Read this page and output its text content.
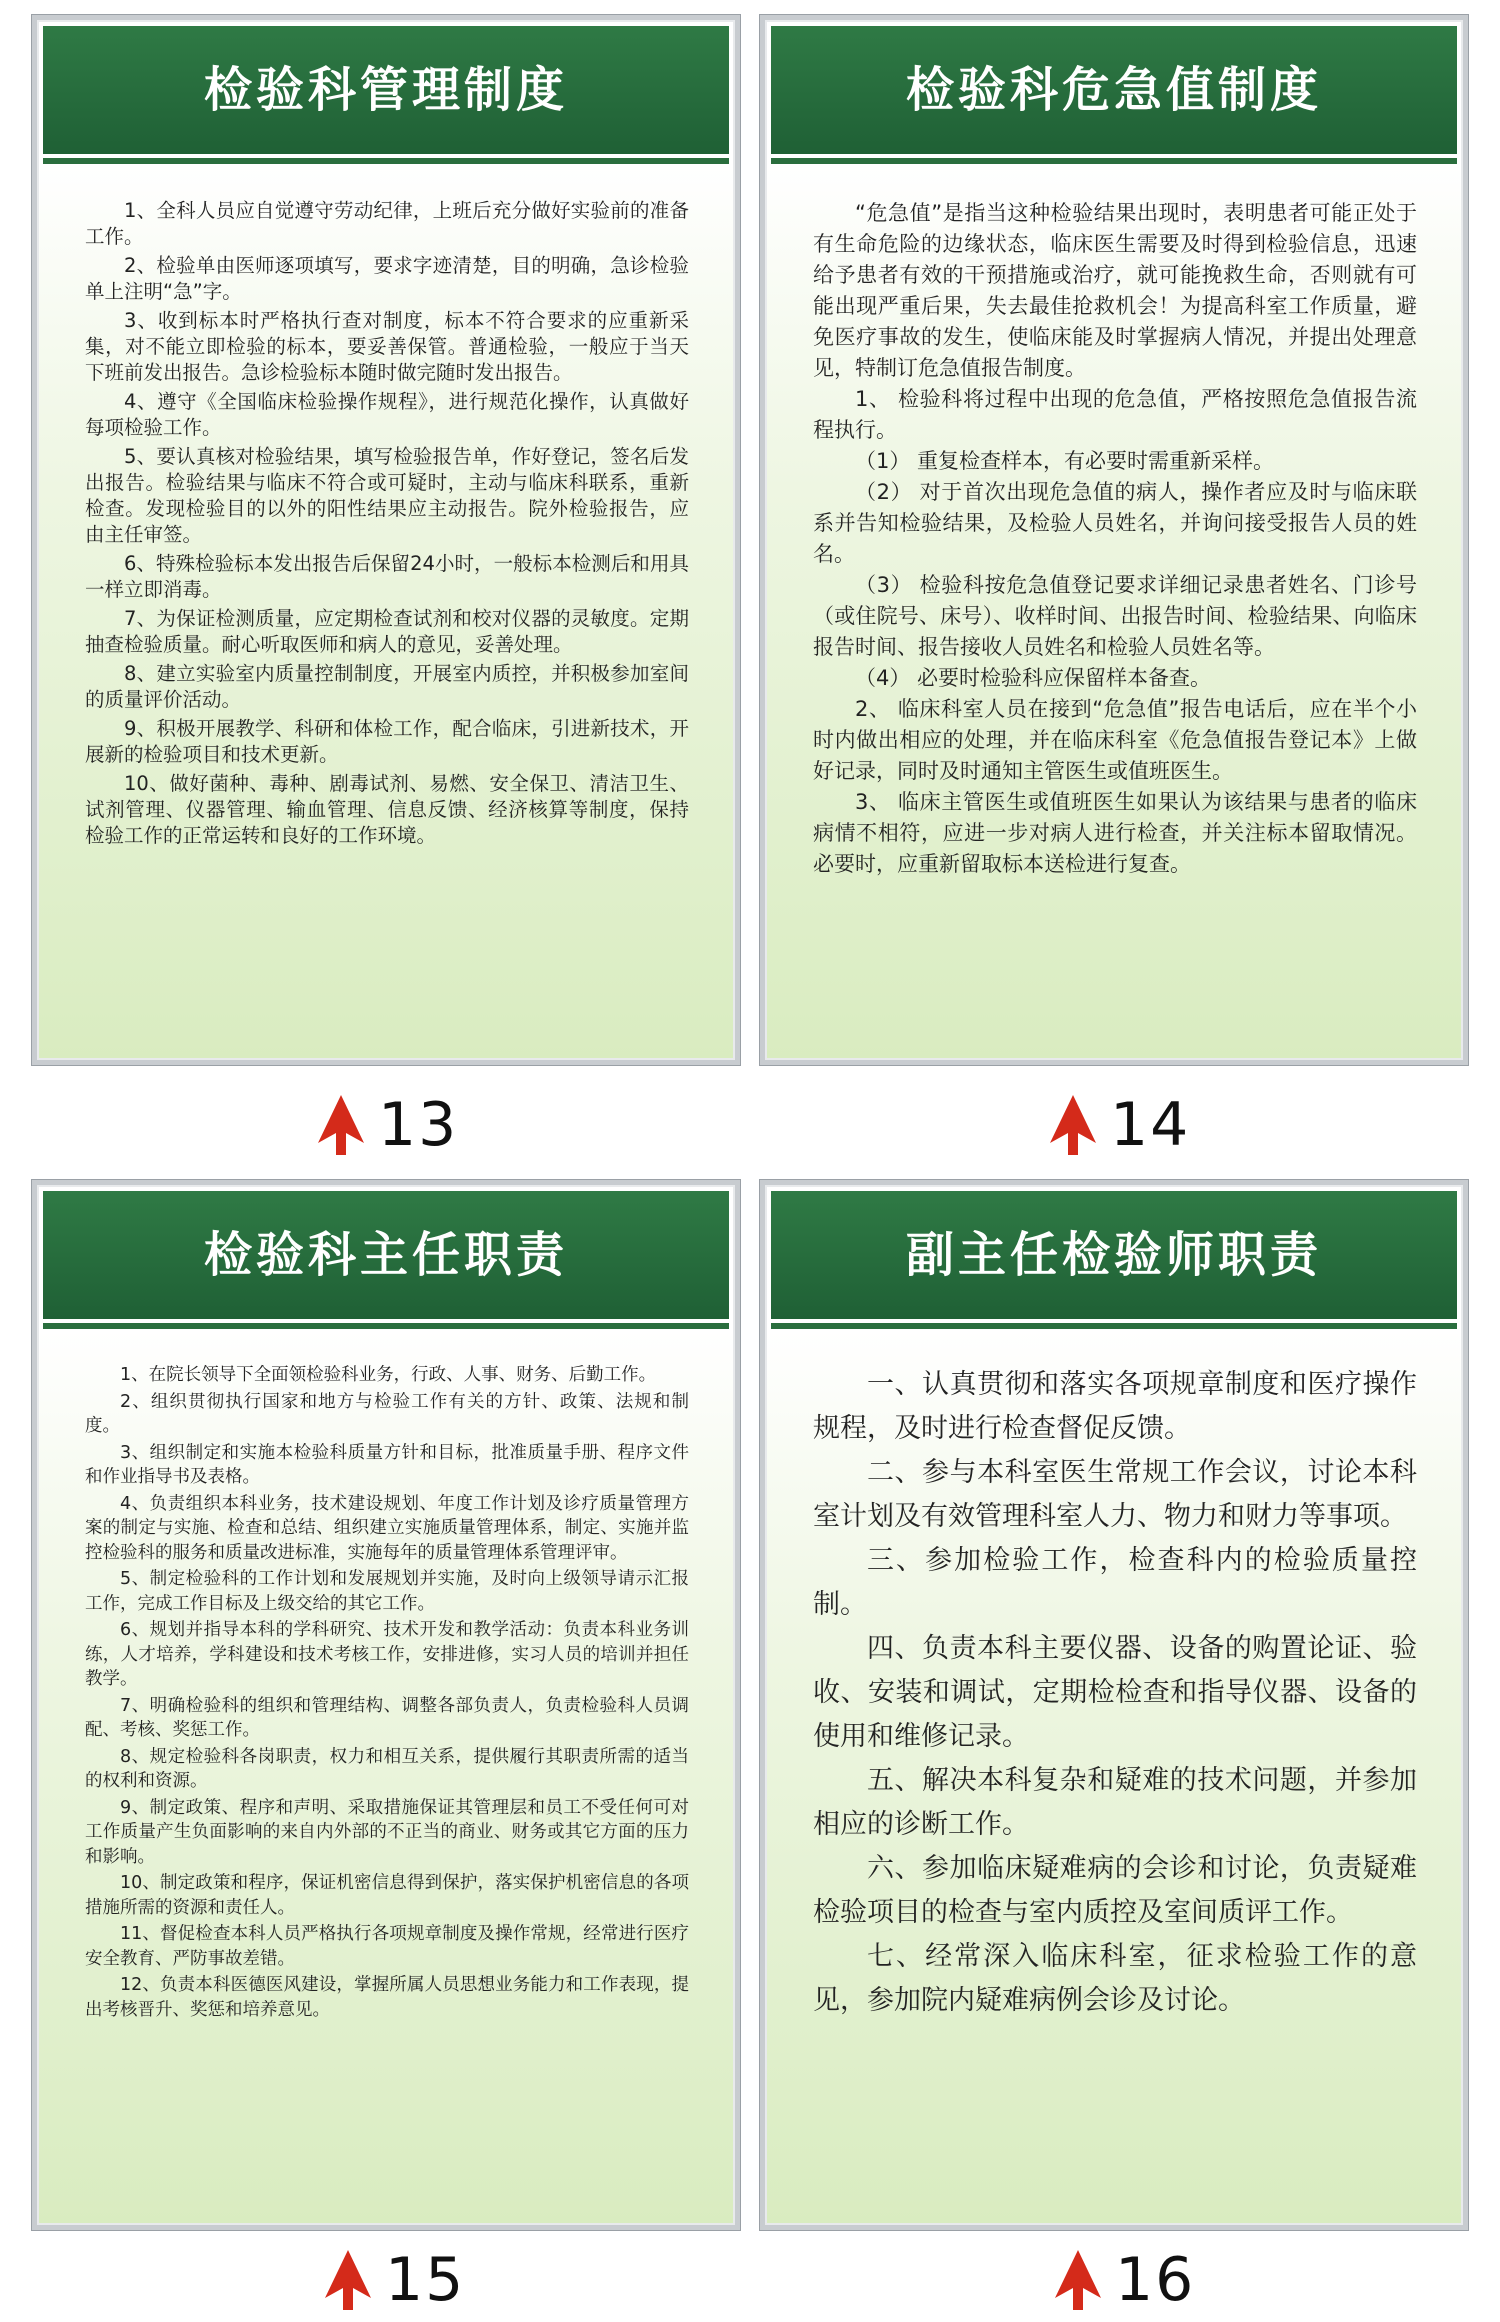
检验科管理制度

1、全科人员应自觉遵守劳动纪律，上班后充分做好实验前的准备工作。

2、检验单由医师逐项填写，要求字迹清楚，目的明确，急诊检验单上注明“急”字。

3、收到标本时严格执行查对制度，标本不符合要求的应重新采集，对不能立即检验的标本，要妥善保管。普通检验，一般应于当天下班前发出报告。急诊检验标本随时做完随时发出报告。

4、遵守《全国临床检验操作规程》，进行规范化操作，认真做好每项检验工作。

5、要认真核对检验结果，填写检验报告单，作好登记，签名后发出报告。检验结果与临床不符合或可疑时，主动与临床科联系，重新检查。发现检验目的以外的阳性结果应主动报告。院外检验报告，应由主任审签。

6、特殊检验标本发出报告后保留24小时，一般标本检测后和用具一样立即消毒。

7、为保证检测质量，应定期检查试剂和校对仪器的灵敏度。定期抽查检验质量。耐心听取医师和病人的意见，妥善处理。

8、建立实验室内质量控制制度，开展室内质控，并积极参加室间的质量评价活动。

9、积极开展教学、科研和体检工作，配合临床，引进新技术，开展新的检验项目和技术更新。

10、做好菌种、毒种、剧毒试剂、易燃、安全保卫、清洁卫生、试剂管理、仪器管理、输血管理、信息反馈、经济核算等制度，保持检验工作的正常运转和良好的工作环境。

13
检验科危急值制度

“危急值”是指当这种检验结果出现时，表明患者可能正处于有生命危险的边缘状态，临床医生需要及时得到检验信息，迅速给予患者有效的干预措施或治疗，就可能挽救生命，否则就有可能出现严重后果，失去最佳抢救机会！为提高科室工作质量，避免医疗事故的发生，使临床能及时掌握病人情况，并提出处理意见，特制订危急值报告制度。

1、 检验科将过程中出现的危急值，严格按照危急值报告流程执行。

（1） 重复检查样本，有必要时需重新采样。

（2） 对于首次出现危急值的病人，操作者应及时与临床联系并告知检验结果，及检验人员姓名，并询问接受报告人员的姓名。

（3） 检验科按危急值登记要求详细记录患者姓名、门诊号（或住院号、床号）、收样时间、出报告时间、检验结果、向临床报告时间、报告接收人员姓名和检验人员姓名等。

（4） 必要时检验科应保留样本备查。

2、 临床科室人员在接到“危急值”报告电话后，应在半个小时内做出相应的处理，并在临床科室《危急值报告登记本》上做好记录，同时及时通知主管医生或值班医生。

3、 临床主管医生或值班医生如果认为该结果与患者的临床病情不相符，应进一步对病人进行检查，并关注标本留取情况。必要时，应重新留取标本送检进行复查。

14
检验科主任职责

1、在院长领导下全面领检验科业务，行政、人事、财务、后勤工作。

2、组织贯彻执行国家和地方与检验工作有关的方针、政策、法规和制度。

3、组织制定和实施本检验科质量方针和目标，批准质量手册、程序文件和作业指导书及表格。

4、负责组织本科业务，技术建设规划、年度工作计划及诊疗质量管理方案的制定与实施、检查和总结、组织建立实施质量管理体系，制定、实施并监控检验科的服务和质量改进标准，实施每年的质量管理体系管理评审。

5、制定检验科的工作计划和发展规划并实施，及时向上级领导请示汇报工作，完成工作目标及上级交给的其它工作。

6、规划并指导本科的学科研究、技术开发和教学活动：负责本科业务训练，人才培养，学科建设和技术考核工作，安排进修，实习人员的培训并担任教学。

7、明确检验科的组织和管理结构、调整各部负责人，负责检验科人员调配、考核、奖惩工作。

8、规定检验科各岗职责，权力和相互关系，提供履行其职责所需的适当的权利和资源。

9、制定政策、程序和声明、采取措施保证其管理层和员工不受任何可对工作质量产生负面影响的来自内外部的不正当的商业、财务或其它方面的压力和影响。

10、制定政策和程序，保证机密信息得到保护，落实保护机密信息的各项措施所需的资源和责任人。

11、督促检查本科人员严格执行各项规章制度及操作常规，经常进行医疗安全教育、严防事故差错。

12、负责本科医德医风建设，掌握所属人员思想业务能力和工作表现，提出考核晋升、奖惩和培养意见。

15
副主任检验师职责

一、认真贯彻和落实各项规章制度和医疗操作规程，及时进行检查督促反馈。

二、参与本科室医生常规工作会议，讨论本科室计划及有效管理科室人力、物力和财力等事项。

三、参加检验工作，检查科内的检验质量控制。

四、负责本科主要仪器、设备的购置论证、验收、安装和调试，定期检检查和指导仪器、设备的使用和维修记录。

五、解决本科复杂和疑难的技术问题，并参加相应的诊断工作。

六、参加临床疑难病的会诊和讨论，负责疑难检验项目的检查与室内质控及室间质评工作。

七、经常深入临床科室，征求检验工作的意见，参加院内疑难病例会诊及讨论。

16
